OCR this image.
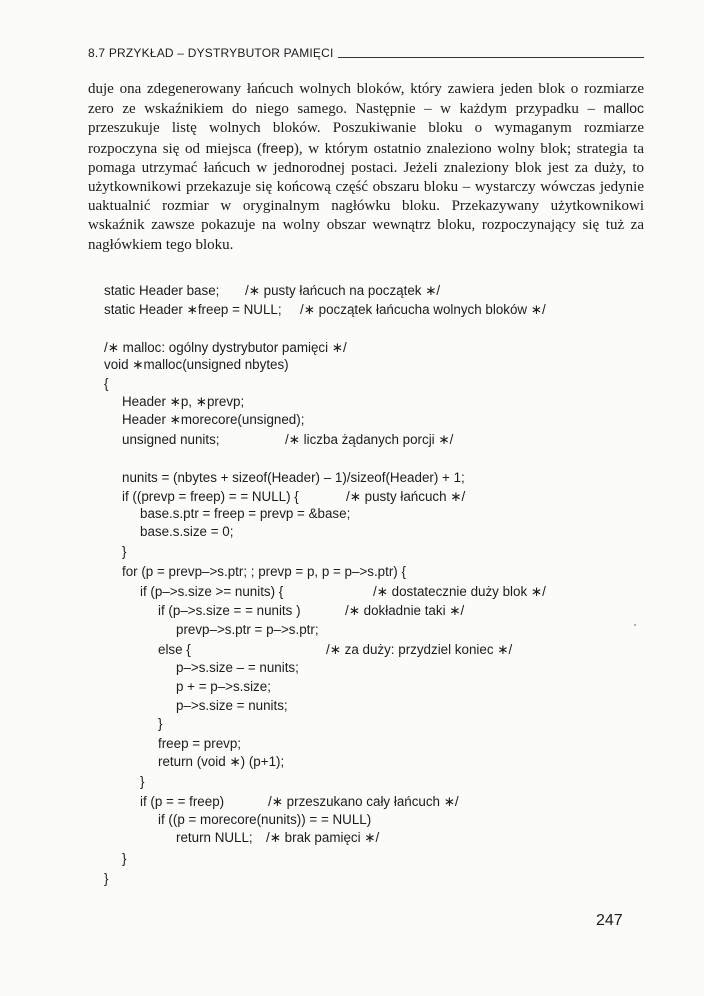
8.7 PRZYKŁAD – DYSTRYBUTOR PAMIĘCI

duje ona zdegenerowany łańcuch wolnych bloków, który zawiera jeden blok o rozmiarze zero ze wskaźnikiem do niego samego. Następnie – w każdym przypadku – malloc przeszukuje listę wolnych bloków. Poszukiwanie bloku o wymaganym rozmiarze rozpoczyna się od miejsca (freep), w którym ostatnio znaleziono wolny blok; strategia ta pomaga utrzymać łańcuch w jednorodnej postaci. Jeżeli znaleziony blok jest za duży, to użytkownikowi przekazuje się końcową część obszaru bloku – wystarczy wówczas jedynie uaktualnić rozmiar w oryginalnym nagłówku bloku. Przekazywany użytkownikowi wskaźnik zawsze pokazuje na wolny obszar wewnątrz bloku, rozpoczynający się tuż za nagłówkiem tego bloku.

static Header base; /∗ pusty łańcuch na początek ∗/
static Header ∗freep = NULL; /∗ początek łańcucha wolnych bloków ∗/
/∗ malloc: ogólny dystrybutor pamięci ∗/
void ∗malloc(unsigned nbytes)
{
Header ∗p, ∗prevp;
Header ∗morecore(unsigned);
unsigned nunits;	/∗ liczba żądanych porcji ∗/
nunits = (nbytes + sizeof(Header) – 1)/sizeof(Header) + 1;
if ((prevp = freep) = = NULL) {	/∗ pusty łańcuch ∗/
base.s.ptr = freep = prevp = &base;
base.s.size = 0;
}
for (p = prevp–>s.ptr; ; prevp = p, p = p–>s.ptr) {
if (p–>s.size >= nunits) {	/∗ dostatecznie duży blok ∗/
if (p–>s.size = = nunits )	/∗ dokładnie taki ∗/
prevp–>s.ptr = p–>s.ptr;
else {	/∗ za duży: przydziel koniec ∗/
p–>s.size – = nunits;
p + = p–>s.size;
p–>s.size = nunits;
}
freep = prevp;
return (void ∗) (p+1);
}
if (p = = freep)	/∗ przeszukano cały łańcuch ∗/
if ((p = morecore(nunits)) = = NULL)
return NULL; /∗ brak pamięci ∗/
}
}
247
